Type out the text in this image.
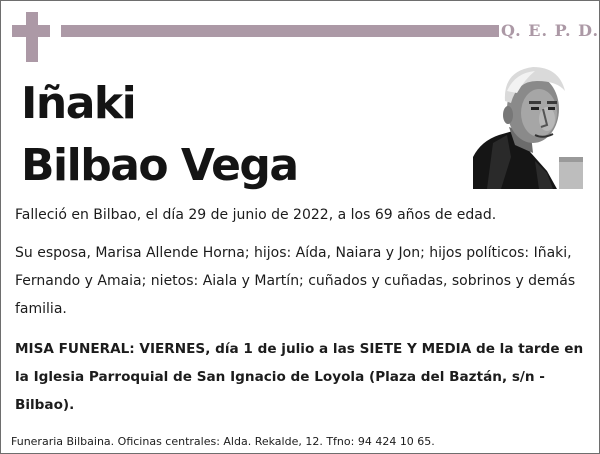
Q. E. P. D.
Iñaki
Bilbao Vega

Falleció en Bilbao, el día 29 de junio de 2022, a los 69 años de edad.

Su esposa, Marisa Allende Horna; hijos: Aída, Naiara y Jon; hijos políticos: Iñaki, Fernando y Amaia; nietos: Aiala y Martín; cuñados y cuñadas, sobrinos y demás familia.

MISA FUNERAL: VIERNES, día 1 de julio a las SIETE Y MEDIA de la tarde en la Iglesia Parroquial de San Ignacio de Loyola (Plaza del Baztán, s/n - Bilbao).

Funeraria Bilbaina. Oficinas centrales: Alda. Rekalde, 12. Tfno: 94 424 10 65.
